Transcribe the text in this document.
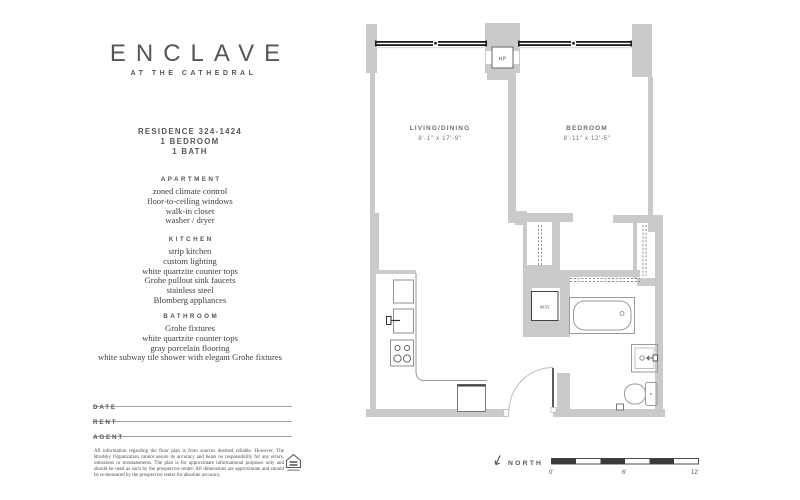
ENCLAVE
AT THE CATHEDRAL
RESIDENCE 324-1424
1 BEDROOM
1 BATH
APARTMENT
zoned climate control
floor-to-ceiling windows
walk-in closet
washer / dryer
KITCHEN
strip kitchen
custom lighting
white quartzite counter tops
Grohe pullout sink faucets
stainless steel
Blomberg appliances
BATHROOM
Grohe fixtures
white quartzite counter tops
gray porcelain flooring
white subway tile shower with elegant Grohe fixtures
DATE
RENT
AGENT

All information regarding the floor plan is from sources deemed reliable. However, The Brodsky Organization cannot assure its accuracy and bears no responsibility for any errors, omissions or misstatements. The plan is for approximate informational purposes only and should be used as such by the prospective renter. All dimensions are approximate and should be re-measured by the prospective renter for absolute accuracy.

HP
W/D
LIVING/DINING
8'-1" x 17'-9"
BEDROOM
8'-11" x 12'-5"
NORTH
0'	6'	12'
